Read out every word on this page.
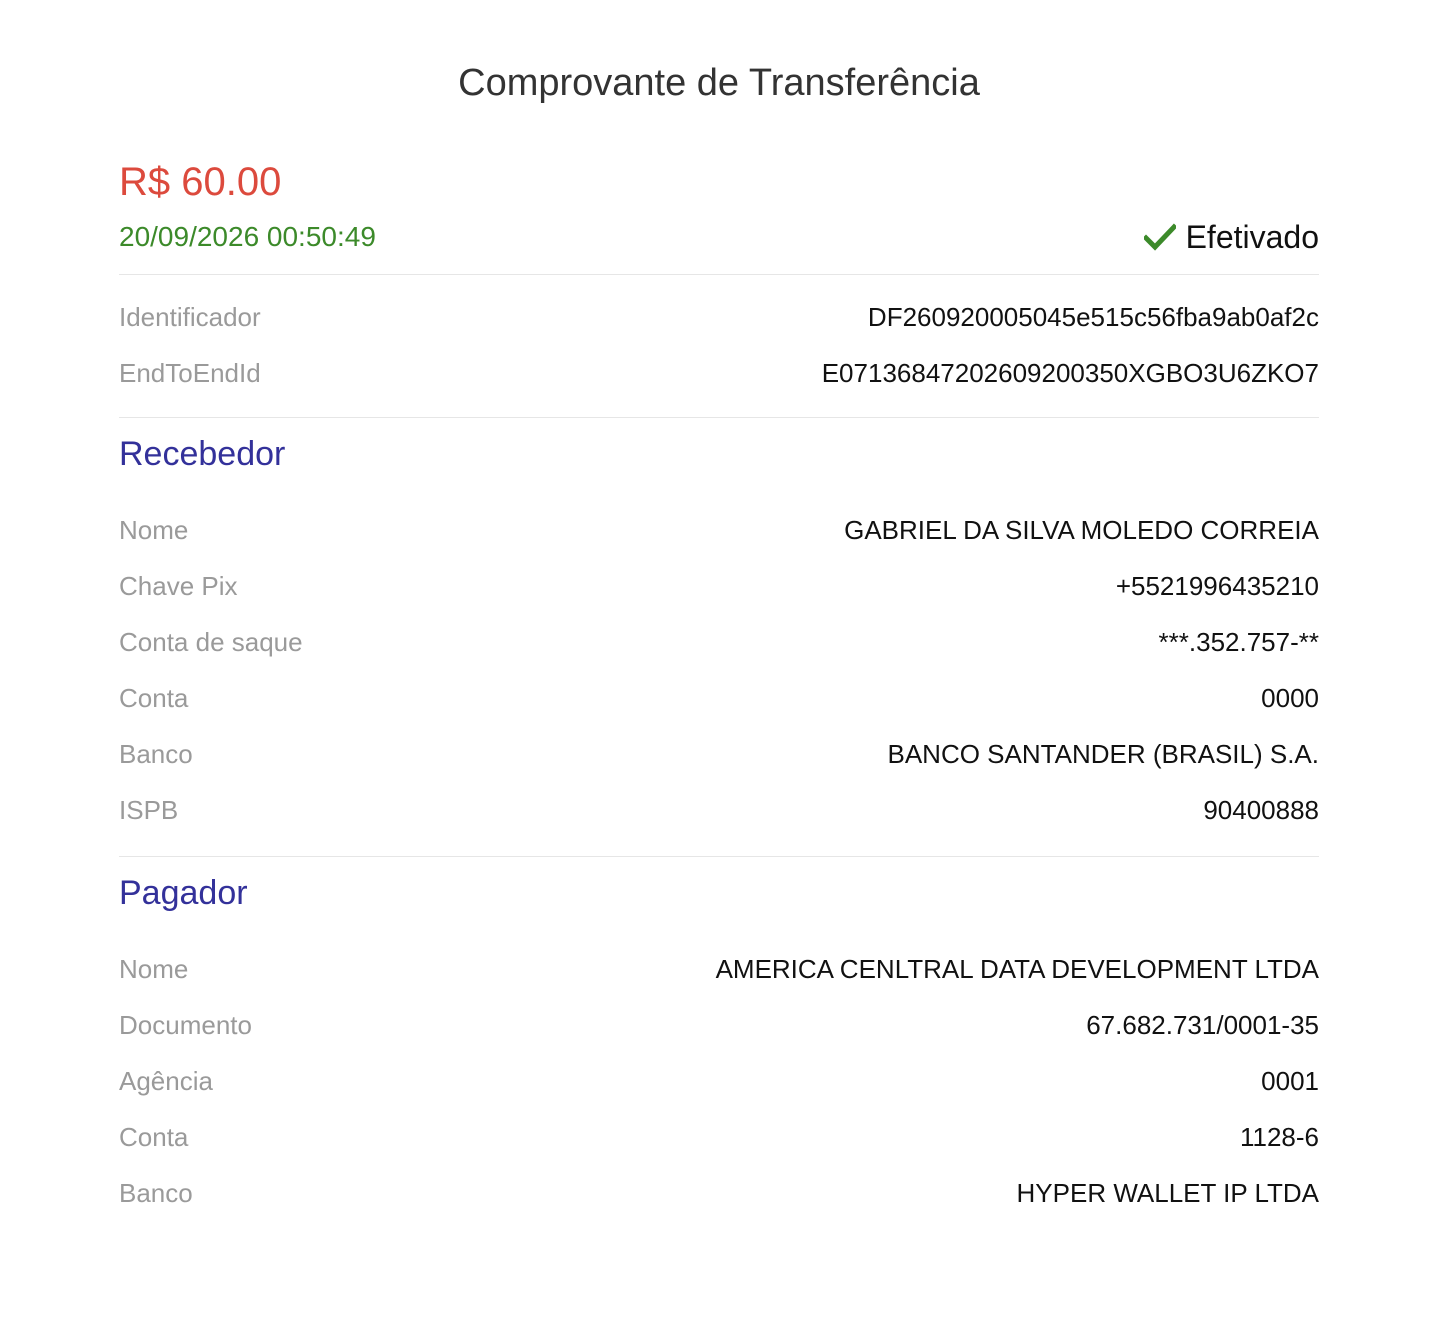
Comprovante de Transferência

R$ 60.00

20/09/2026 00:50:49	Efetivado
Identificador	DF260920005045e515c56fba9ab0af2c
EndToEndId	E07136847202609200350XGBO3U6ZKO7
Recebedor
Nome	GABRIEL DA SILVA MOLEDO CORREIA
Chave Pix	+5521996435210
Conta de saque	***.352.757-**
Conta	0000
Banco	BANCO SANTANDER (BRASIL) S.A.
ISPB	90400888
Pagador
Nome	AMERICA CENLTRAL DATA DEVELOPMENT LTDA
Documento	67.682.731/0001-35
Agência	0001
Conta	1128-6
Banco	HYPER WALLET IP LTDA
